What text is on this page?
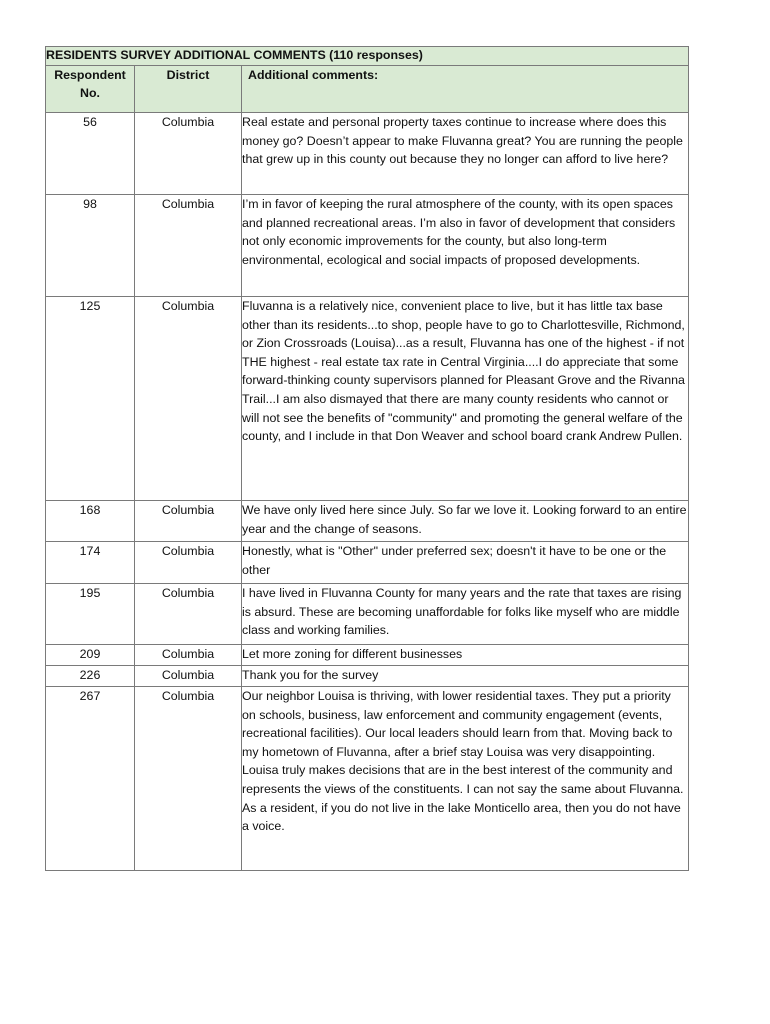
RESIDENTS SURVEY ADDITIONAL COMMENTS (110 responses)		
Respondent No.	District	Additional comments:
56	Columbia	Real estate and personal property taxes continue to increase where does this money go? Doesn’t appear to make Fluvanna great? You are running the people that grew up in this county out because they no longer can afford to live here?
98	Columbia	I’m in favor of keeping the rural atmosphere of the county, with its open spaces and planned recreational areas. I’m also in favor of development that considers not only economic improvements for the county, but also long-term environmental, ecological and social impacts of proposed developments.
125	Columbia	Fluvanna is a relatively nice, convenient place to live, but it has little tax base other than its residents...to shop, people have to go to Charlottesville, Richmond, or Zion Crossroads (Louisa)...as a result, Fluvanna has one of the highest - if not THE highest - real estate tax rate in Central Virginia....I do appreciate that some forward-thinking county supervisors planned for Pleasant Grove and the Rivanna Trail...I am also dismayed that there are many county residents who cannot or will not see the benefits of "community" and promoting the general welfare of the county, and I include in that Don Weaver and school board crank Andrew Pullen.
168	Columbia	We have only lived here since July. So far we love it. Looking forward to an entire year and the change of seasons.
174	Columbia	Honestly, what is "Other" under preferred sex; doesn't it have to be one or the other
195	Columbia	I have lived in Fluvanna County for many years and the rate that taxes are rising is absurd. These are becoming unaffordable for folks like myself who are middle class and working families.
209	Columbia	Let more zoning for different businesses
226	Columbia	Thank you for the survey
267	Columbia	Our neighbor Louisa is thriving, with lower residential taxes. They put a priority on schools, business, law enforcement and community engagement (events, recreational facilities). Our local leaders should learn from that. Moving back to my hometown of Fluvanna, after a brief stay Louisa was very disappointing. Louisa truly makes decisions that are in the best interest of the community and represents the views of the constituents. I can not say the same about Fluvanna. As a resident, if you do not live in the lake Monticello area, then you do not have a voice.
